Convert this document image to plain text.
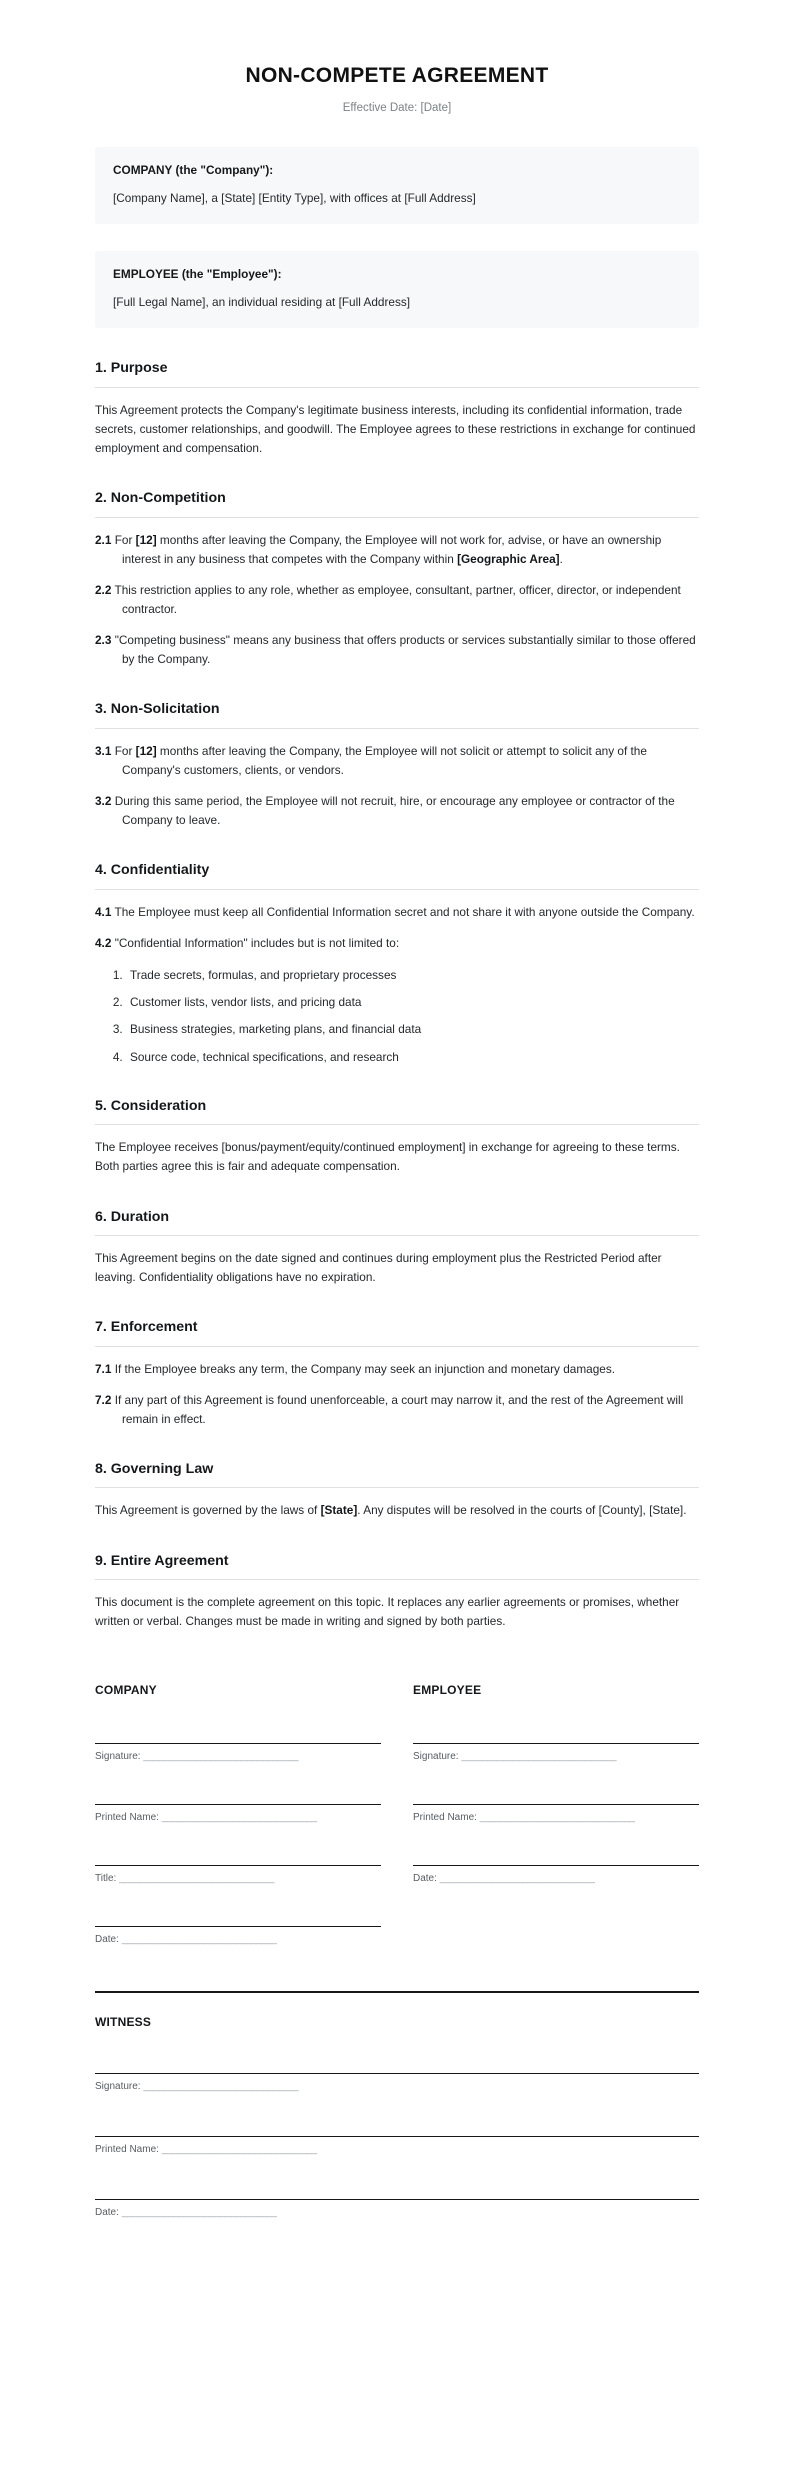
NON-COMPETE AGREEMENT

Effective Date: [Date]

COMPANY (the "Company"):
[Company Name], a [State] [Entity Type], with offices at [Full Address]
EMPLOYEE (the "Employee"):
[Full Legal Name], an individual residing at [Full Address]
1. Purpose

This Agreement protects the Company's legitimate business interests, including its confidential information, trade secrets, customer relationships, and goodwill. The Employee agrees to these restrictions in exchange for continued employment and compensation.

2. Non-Competition

2.1 For [12] months after leaving the Company, the Employee will not work for, advise, or have an ownership interest in any business that competes with the Company within [Geographic Area].

2.2 This restriction applies to any role, whether as employee, consultant, partner, officer, director, or independent contractor.

2.3 "Competing business" means any business that offers products or services substantially similar to those offered by the Company.

3. Non-Solicitation

3.1 For [12] months after leaving the Company, the Employee will not solicit or attempt to solicit any of the Company's customers, clients, or vendors.

3.2 During this same period, the Employee will not recruit, hire, or encourage any employee or contractor of the Company to leave.

4. Confidentiality

4.1 The Employee must keep all Confidential Information secret and not share it with anyone outside the Company.

4.2 "Confidential Information" includes but is not limited to:

1. Trade secrets, formulas, and proprietary processes
2. Customer lists, vendor lists, and pricing data
3. Business strategies, marketing plans, and financial data
4. Source code, technical specifications, and research
5. Consideration

The Employee receives [bonus/payment/equity/continued employment] in exchange for agreeing to these terms. Both parties agree this is fair and adequate compensation.

6. Duration

This Agreement begins on the date signed and continues during employment plus the Restricted Period after leaving. Confidentiality obligations have no expiration.

7. Enforcement

7.1 If the Employee breaks any term, the Company may seek an injunction and monetary damages.

7.2 If any part of this Agreement is found unenforceable, a court may narrow it, and the rest of the Agreement will remain in effect.

8. Governing Law

This Agreement is governed by the laws of [State]. Any disputes will be resolved in the courts of [County], [State].

9. Entire Agreement

This document is the complete agreement on this topic. It replaces any earlier agreements or promises, whether written or verbal. Changes must be made in writing and signed by both parties.

COMPANY
Signature: ______________________________
Printed Name: ______________________________
Title: ______________________________
Date: ______________________________
EMPLOYEE
Signature: ______________________________
Printed Name: ______________________________
Date: ______________________________
WITNESS
Signature: ______________________________
Printed Name: ______________________________
Date: ______________________________
